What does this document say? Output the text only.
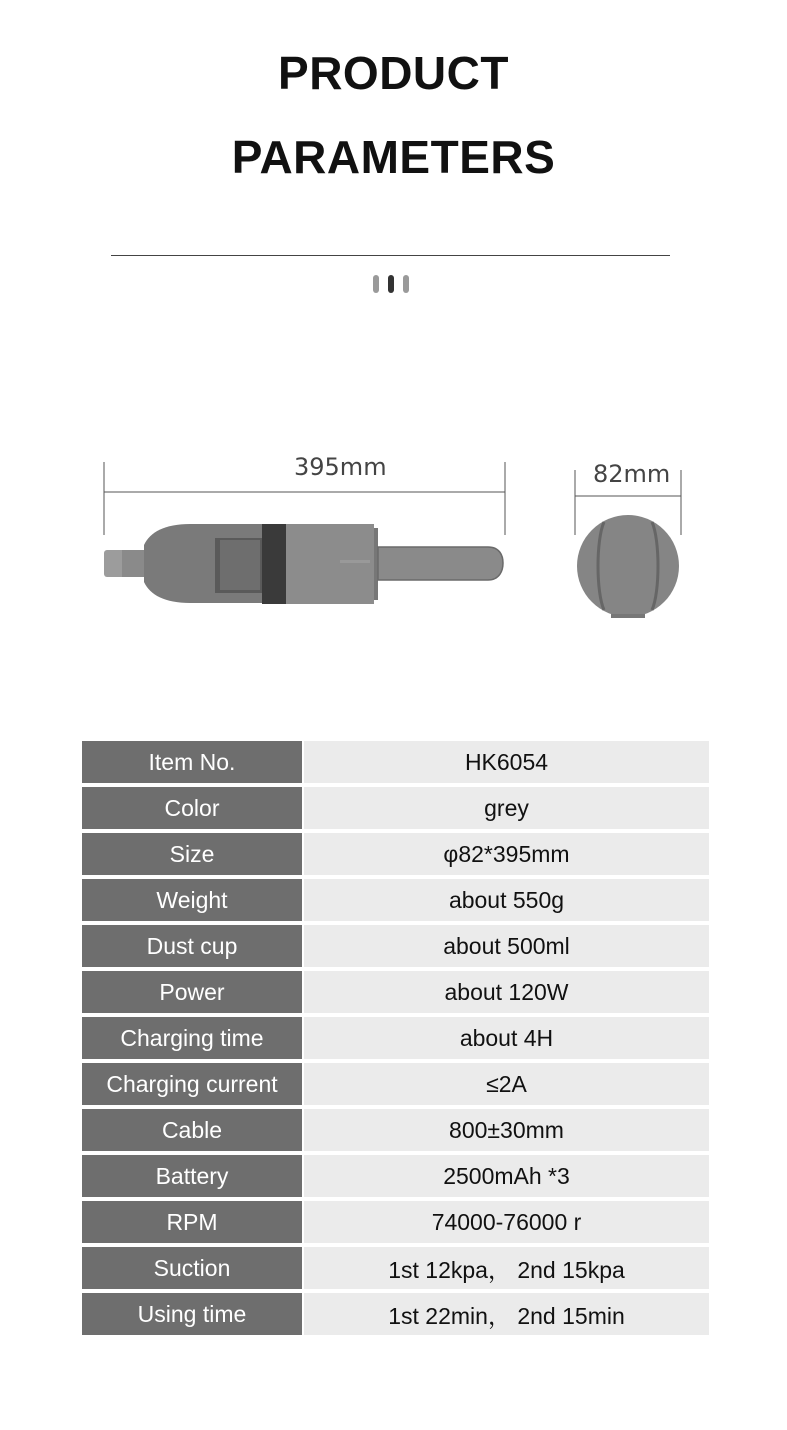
PRODUCT
PARAMETERS
395mm	82mm
Item No.	HK6054
Color	grey
Size	φ82*395mm
Weight	about 550g
Dust cup	about 500ml
Power	about 120W
Charging time	about 4H
Charging current	≤2A
Cable	800±30mm
Battery	2500mAh *3
RPM	74000-76000 r
Suction	1st 12kpa， 2nd 15kpa
Using time	1st 22min， 2nd 15min
